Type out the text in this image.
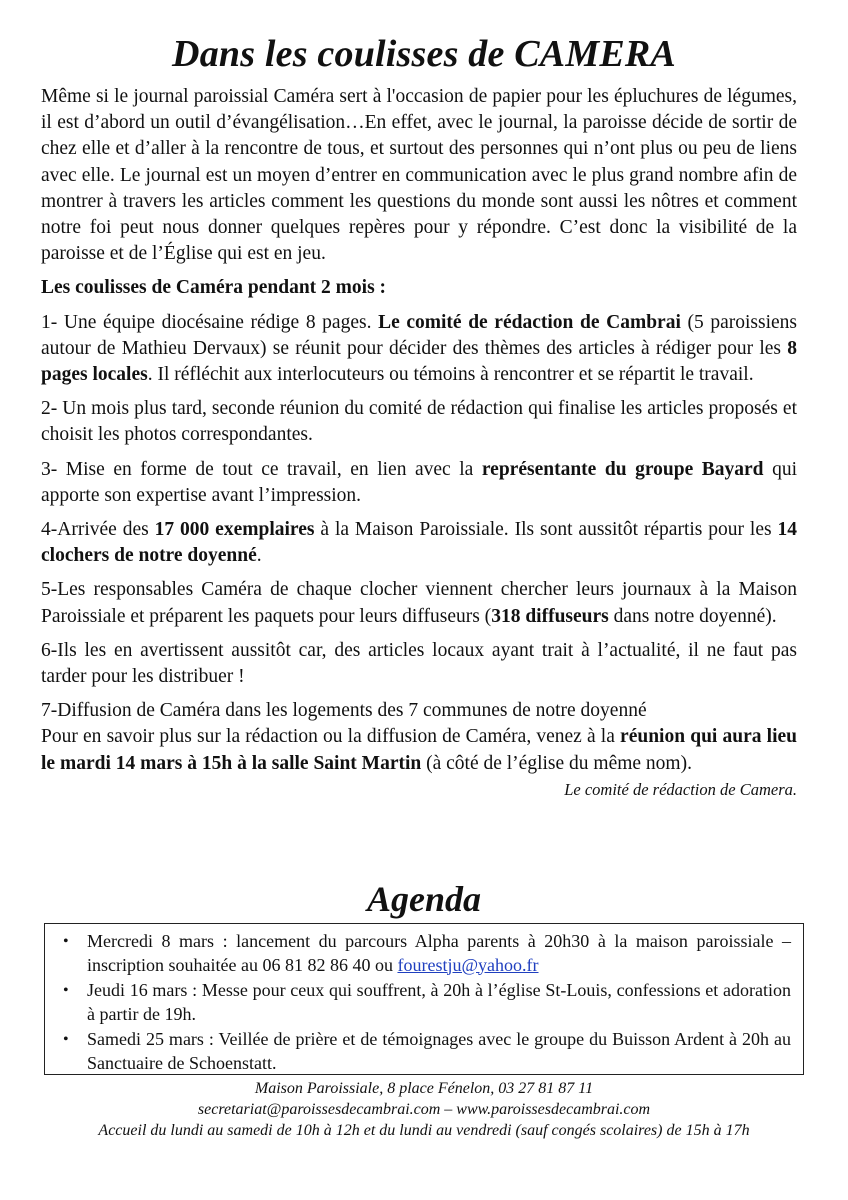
Dans les coulisses de CAMERA

Même si le journal paroissial Caméra sert à l'occasion de papier pour les épluchures de légumes, il est d’abord un outil d’évangélisation…En effet, avec le journal, la paroisse décide de sortir de chez elle et d’aller à la rencontre de tous, et surtout des personnes qui n’ont plus ou peu de liens avec elle. Le journal est un moyen d’entrer en communication avec le plus grand nombre afin de montrer à travers les articles comment les questions du monde sont aussi les nôtres et comment notre foi peut nous donner quelques repères pour y répondre. C’est donc la visibilité de la paroisse et de l’Église qui est en jeu.

Les coulisses de Caméra pendant 2 mois :

1- Une équipe diocésaine rédige 8 pages. Le comité de rédaction de Cambrai (5 paroissiens autour de Mathieu Dervaux) se réunit pour décider des thèmes des articles à rédiger pour les 8 pages locales. Il réfléchit aux interlocuteurs ou témoins à rencontrer et se répartit le travail.

2- Un mois plus tard, seconde réunion du comité de rédaction qui finalise les articles proposés et choisit les photos correspondantes.

3- Mise en forme de tout ce travail, en lien avec la représentante du groupe Bayard qui apporte son expertise avant l’impression.

4-Arrivée des 17 000 exemplaires à la Maison Paroissiale. Ils sont aussitôt répartis pour les 14 clochers de notre doyenné.

5-Les responsables Caméra de chaque clocher viennent chercher leurs journaux à la Maison Paroissiale et préparent les paquets pour leurs diffuseurs (318 diffuseurs dans notre doyenné).

6-Ils les en avertissent aussitôt car, des articles locaux ayant trait à l’actualité, il ne faut pas tarder pour les distribuer !

7-Diffusion de Caméra dans les logements des 7 communes de notre doyenné

Pour en savoir plus sur la rédaction ou la diffusion de Caméra, venez à la réunion qui aura lieu le mardi 14 mars à 15h à la salle Saint Martin (à côté de l’église du même nom).
Le comité de rédaction de Camera.

Agenda
• Mercredi 8 mars : lancement du parcours Alpha parents à 20h30 à la maison paroissiale – inscription souhaitée au 06 81 82 86 40 ou fourestju@yahoo.fr
• Jeudi 16 mars : Messe pour ceux qui souffrent, à 20h à l’église St-Louis, confessions et adoration à partir de 19h.
• Samedi 25 mars : Veillée de prière et de témoignages avec le groupe du Buisson Ardent à 20h au Sanctuaire de Schoenstatt.
Maison Paroissiale, 8 place Fénelon, 03 27 81 87 11
secretariat@paroissesdecambrai.com – www.paroissesdecambrai.com
Accueil du lundi au samedi de 10h à 12h et du lundi au vendredi (sauf congés scolaires) de 15h à 17h
